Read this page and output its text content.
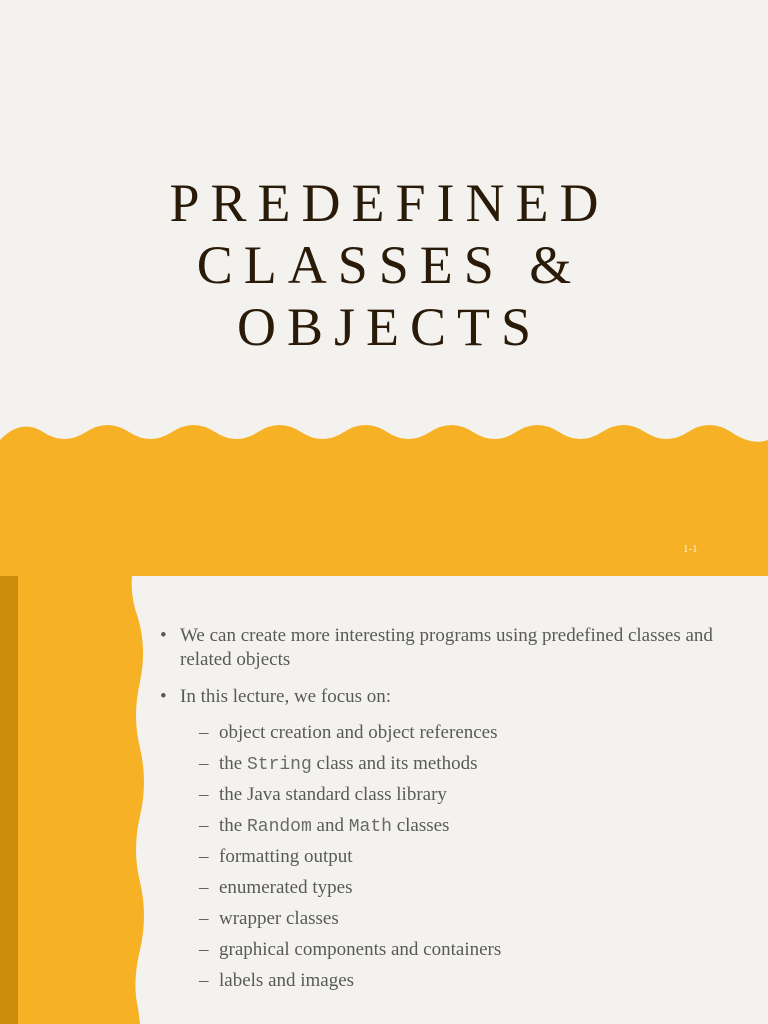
PREDEFINED
CLASSES &
OBJECTS
1-1
• We can create more interesting programs using predefined classes and related objects
• In this lecture, we focus on:
– object creation and object references
– the String class and its methods
– the Java standard class library
– the Random and Math classes
– formatting output
– enumerated types
– wrapper classes
– graphical components and containers
– labels and images
